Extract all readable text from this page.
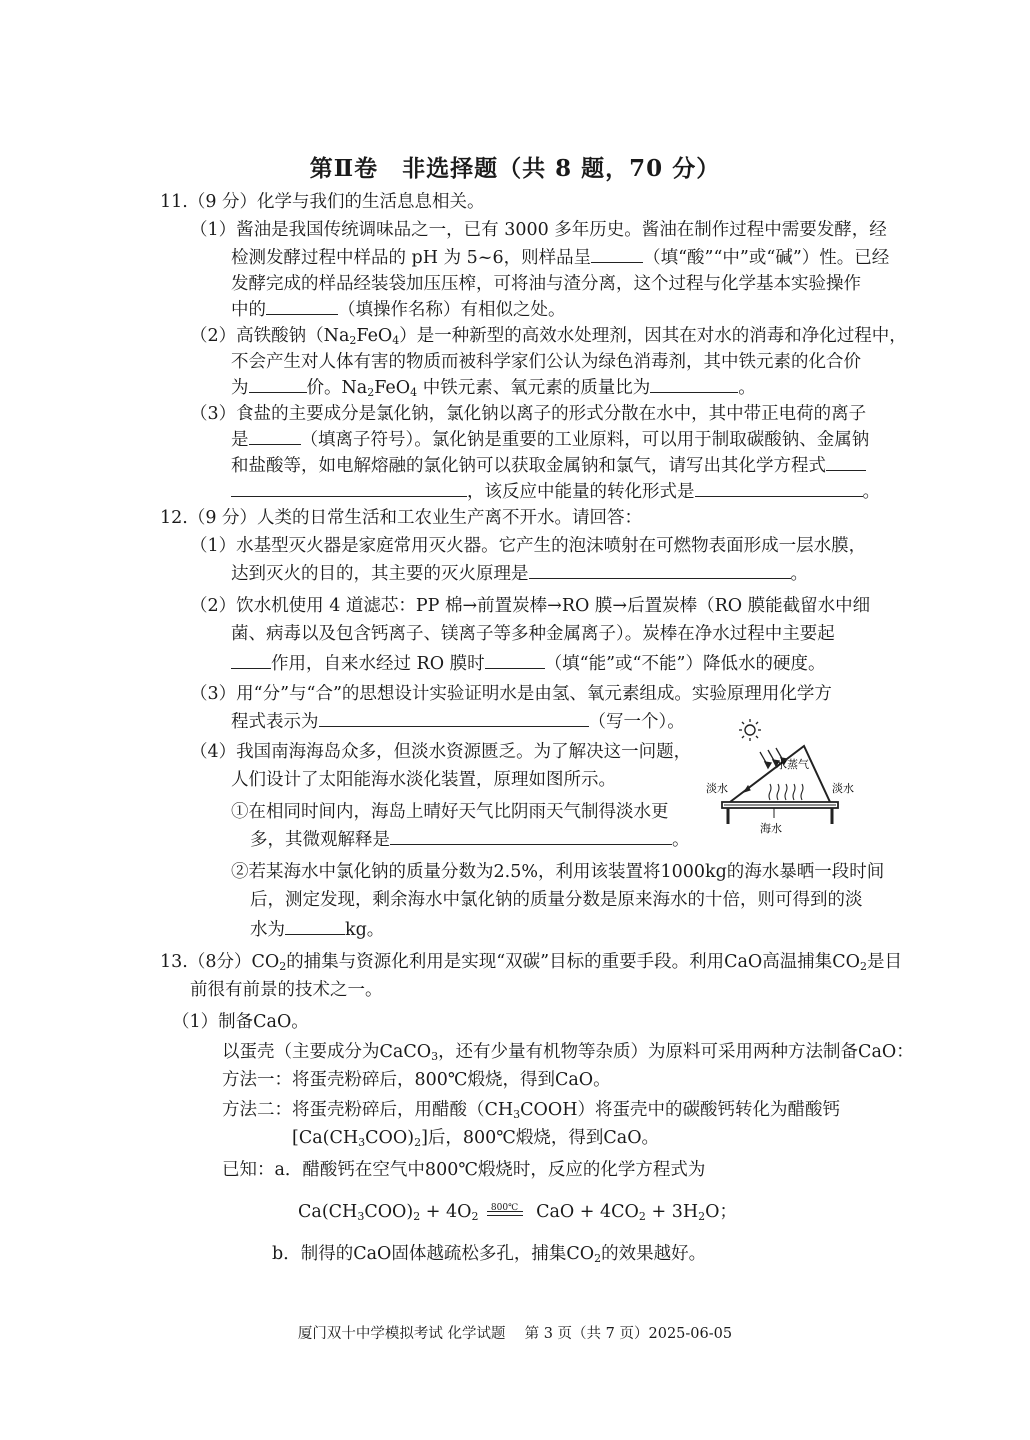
第Ⅱ卷　非选择题（共 8 题，70 分）
11.（9 分）化学与我们的生活息息相关。
（1）酱油是我国传统调味品之一，已有 3000 多年历史。酱油在制作过程中需要发酵，经
检测发酵过程中样品的 pH 为 5~6，则样品呈	（填“酸”“中”或“碱”）性。已经
发酵完成的样品经装袋加压压榨，可将油与渣分离，这个过程与化学基本实验操作
中的	（填操作名称）有相似之处。
（2）高铁酸钠$(Na_2FeO_4)$是一种新型的高效水处理剂，因其在对水的消毒和净化过程中，
不会产生对人体有害的物质而被科学家们公认为绿色消毒剂，其中铁元素的化合价
为	价。$Na_2FeO_4$ 中铁元素、氧元素的质量比为	。
（3）食盐的主要成分是氯化钠，氯化钠以离子的形式分散在水中，其中带正电荷的离子
是	（填离子符号）。氯化钠是重要的工业原料，可以用于制取碳酸钠、金属钠
和盐酸等，如电解熔融的氯化钠可以获取金属钠和氯气，请写出其化学方程式
，该反应中能量的转化形式是	。
12.（9 分）人类的日常生活和工农业生产离不开水。请回答：
（1）水基型灭火器是家庭常用灭火器。它产生的泡沫喷射在可燃物表面形成一层水膜，
达到灭火的目的，其主要的灭火原理是	。
（2）饮水机使用 4 道滤芯：PP 棉→前置炭棒→RO 膜→后置炭棒（RO 膜能截留水中细
菌、病毒以及包含钙离子、镁离子等多种金属离子）。炭棒在净水过程中主要起
作用，自来水经过 RO 膜时	（填“能”或“不能”）降低水的硬度。
（3）用“分”与“合”的思想设计实验证明水是由氢、氧元素组成。实验原理用化学方
程式表示为	（写一个）。
（4）我国南海海岛众多，但淡水资源匮乏。为了解决这一问题，
人们设计了太阳能海水淡化装置，原理如图所示。
①在相同时间内，海岛上晴好天气比阴雨天气制得淡水更
多，其微观解释是	。
②若某海水中氯化钠的质量分数为2.5%，利用该装置将1000kg的海水暴晒一段时间
后，测定发现，剩余海水中氯化钠的质量分数是原来海水的十倍，则可得到的淡
水为	kg。
水蒸气
淡水	淡水
海水
13.（8分）$CO_2$的捕集与资源化利用是实现“双碳”目标的重要手段。利用CaO高温捕集$CO_2$是目
前很有前景的技术之一。
（1）制备CaO。
以蛋壳（主要成分为CaCO$_3$，还有少量有机物等杂质）为原料可采用两种方法制备CaO：
方法一：将蛋壳粉碎后，800℃煅烧，得到CaO。
方法二：将蛋壳粉碎后，用醋酸$(CH_3COOH)$将蛋壳中的碳酸钙转化为醋酸钙
$[Ca(CH_3COO)_2]$后，800℃煅烧，得到CaO。
已知：a．醋酸钙在空气中800℃煅烧时，反应的化学方程式为
$Ca(CH_3COO)_2 + 4O_2$
800℃ CaO + $4CO_2 + 3H_2O$；
b．制得的CaO固体越疏松多孔，捕集$CO_2$的效果越好。
厦门双十中学模拟考试 化学试题　 第 3 页（共 7 页）2025-06-05
